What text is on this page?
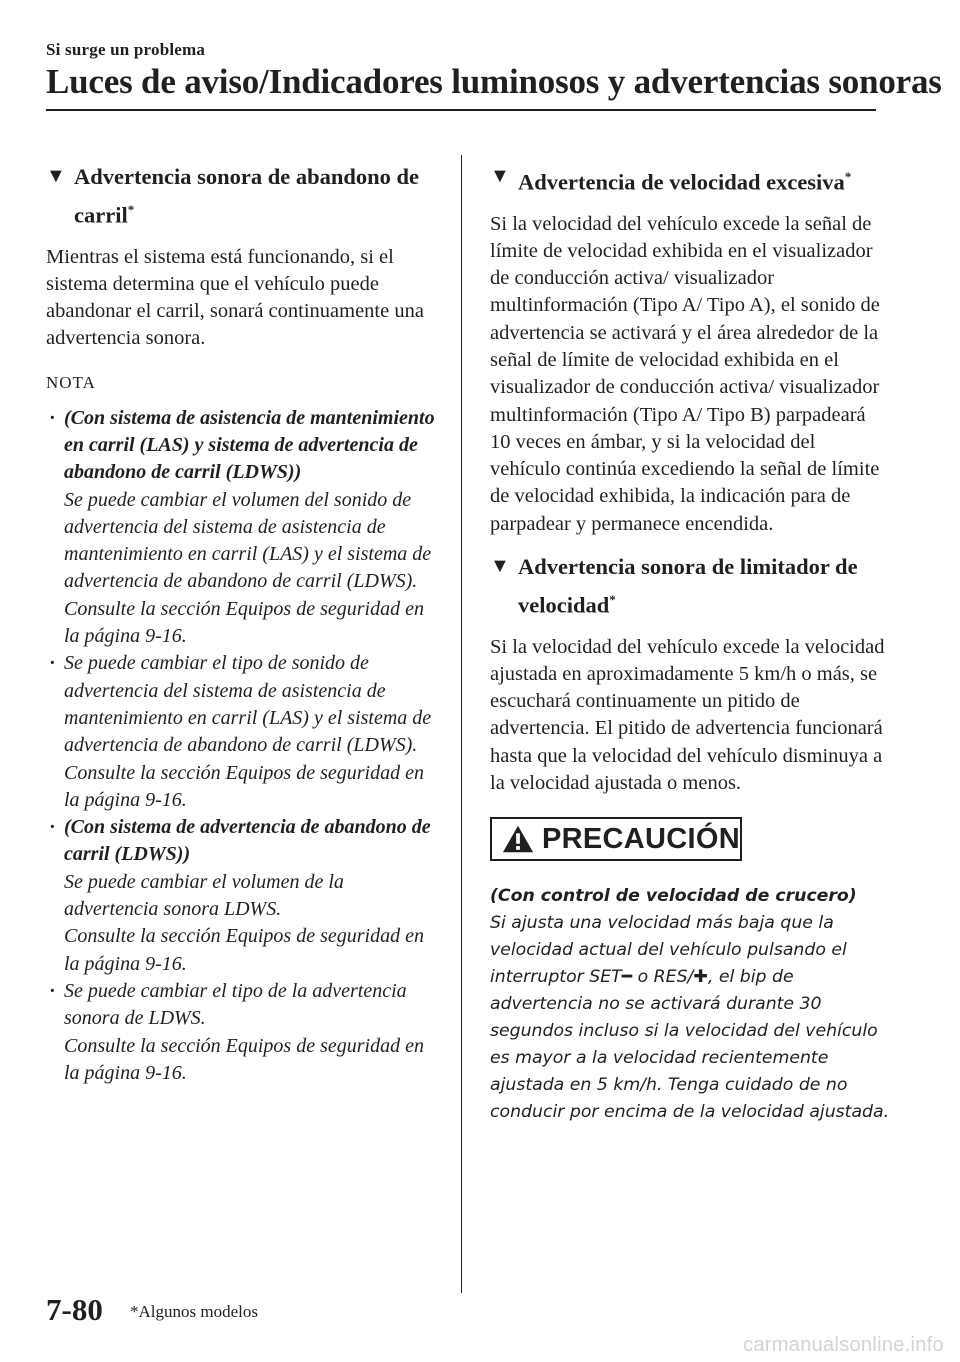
Si surge un problema
Luces de aviso/Indicadores luminosos y advertencias sonoras
▼ Advertencia sonora de abandono de carril*

Mientras el sistema está funcionando, si el sistema determina que el vehículo puede abandonar el carril, sonará continuamente una advertencia sonora.

NOTA
· (Con sistema de asistencia de mantenimiento en carril (LAS) y sistema de advertencia de abandono de carril (LDWS))
Se puede cambiar el volumen del sonido de advertencia del sistema de asistencia de mantenimiento en carril (LAS) y el sistema de advertencia de abandono de carril (LDWS).
Consulte la sección Equipos de seguridad en la página 9-16.
· Se puede cambiar el tipo de sonido de advertencia del sistema de asistencia de mantenimiento en carril (LAS) y el sistema de advertencia de abandono de carril (LDWS).
Consulte la sección Equipos de seguridad en la página 9-16.
· (Con sistema de advertencia de abandono de carril (LDWS))
Se puede cambiar el volumen de la advertencia sonora LDWS.
Consulte la sección Equipos de seguridad en la página 9-16.
· Se puede cambiar el tipo de la advertencia sonora de LDWS.
Consulte la sección Equipos de seguridad en la página 9-16.
▼ Advertencia de velocidad excesiva*

Si la velocidad del vehículo excede la señal de límite de velocidad exhibida en el visualizador de conducción activa/ visualizador multinformación (Tipo A/ Tipo A), el sonido de advertencia se activará y el área alrededor de la señal de límite de velocidad exhibida en el visualizador de conducción activa/ visualizador multinformación (Tipo A/ Tipo B) parpadeará 10 veces en ámbar, y si la velocidad del vehículo continúa excediendo la señal de límite de velocidad exhibida, la indicación para de parpadear y permanece encendida.

▼ Advertencia sonora de limitador de velocidad*

Si la velocidad del vehículo excede la velocidad ajustada en aproximadamente 5 km/h o más, se escuchará continuamente un pitido de advertencia. El pitido de advertencia funcionará hasta que la velocidad del vehículo disminuya a la velocidad ajustada o menos.

PRECAUCIÓN
(Con control de velocidad de crucero)
Si ajusta una velocidad más baja que la velocidad actual del vehículo pulsando el interruptor SET━ o RES/✚, el bip de advertencia no se activará durante 30 segundos incluso si la velocidad del vehículo es mayor a la velocidad recientemente ajustada en 5 km/h. Tenga cuidado de no conducir por encima de la velocidad ajustada.
7-80 *Algunos modelos
carmanualsonline.info
